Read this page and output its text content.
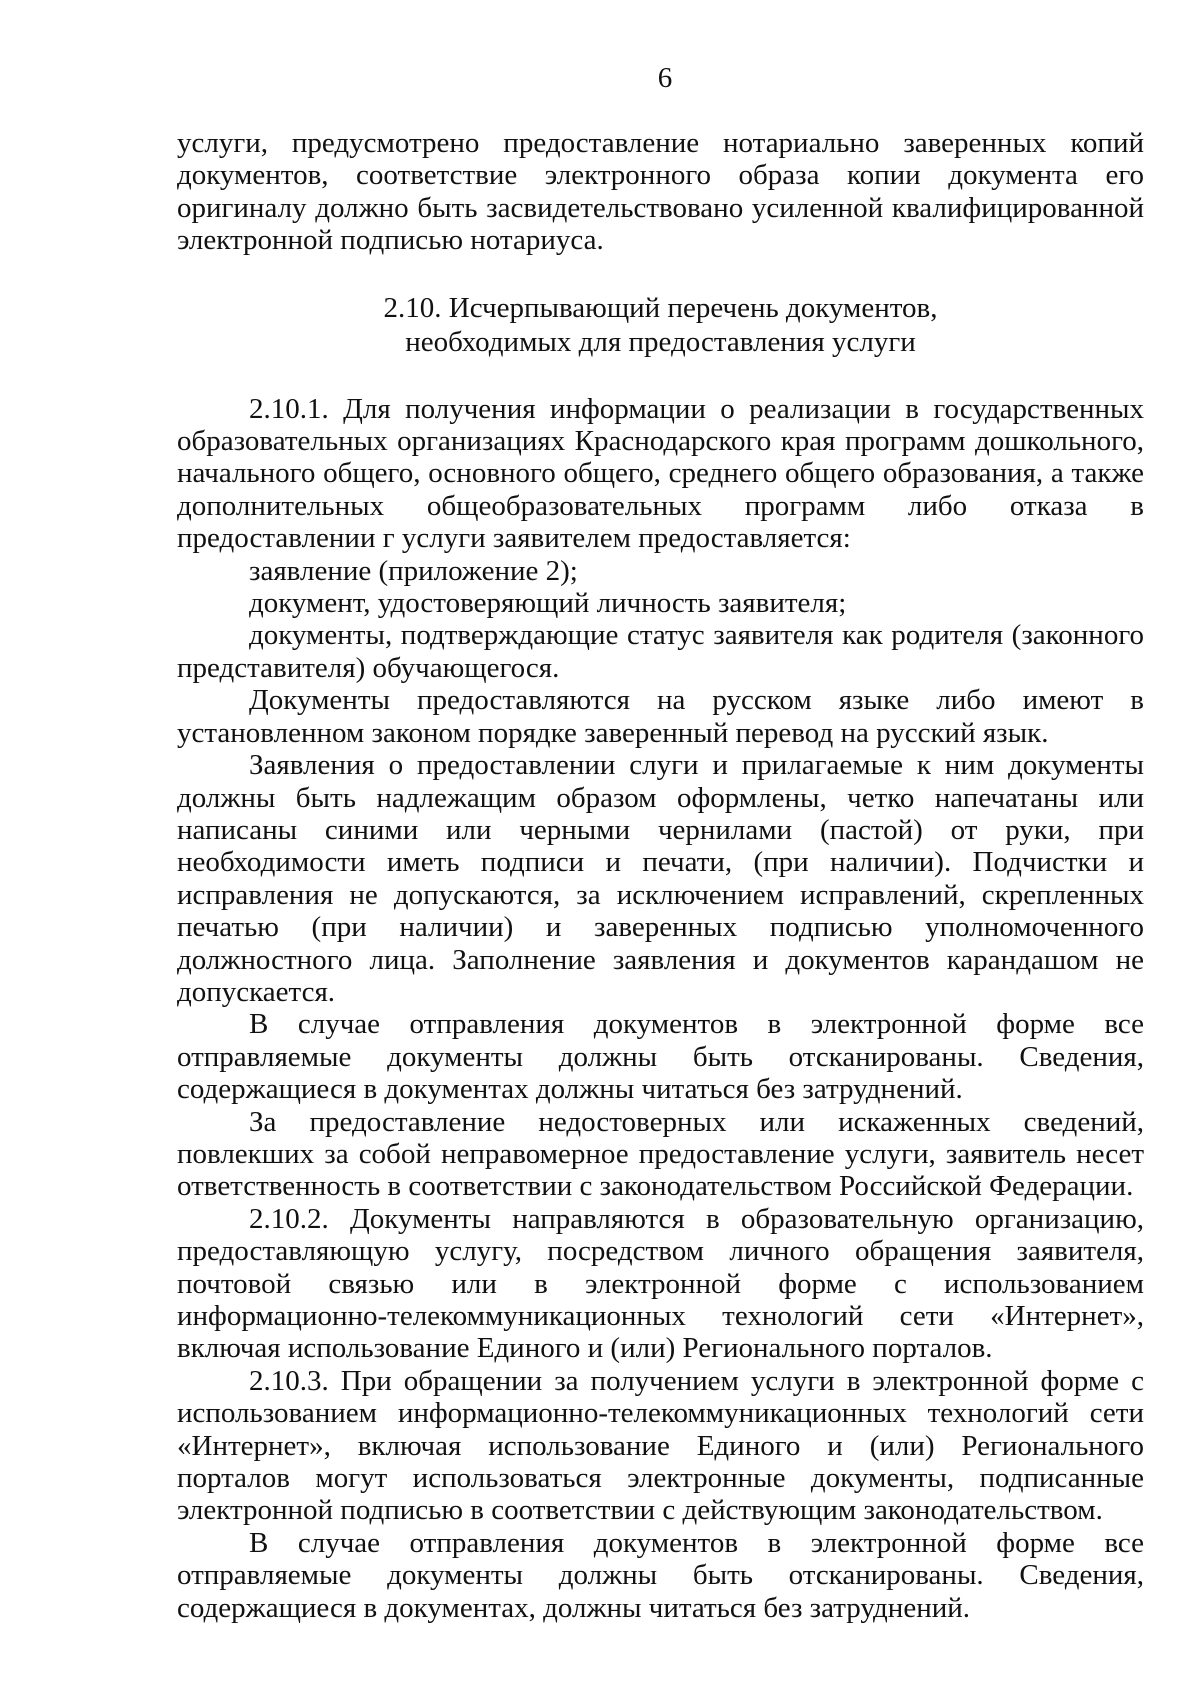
6

услуги, предусмотрено предоставление нотариально заверенных копий документов, соответствие электронного образа копии документа его оригиналу должно быть засвидетельствовано усиленной квалифицированной электронной подписью нотариуса.

2.10. Исчерпывающий перечень документов,
необходимых для предоставления услуги

2.10.1. Для получения информации о реализации в государственных образовательных организациях Краснодарского края программ дошкольного, начального общего, основного общего, среднего общего образования, а также дополнительных общеобразовательных программ либо отказа в предоставлении г услуги заявителем предоставляется:

заявление (приложение 2);

документ, удостоверяющий личность заявителя;

документы, подтверждающие статус заявителя как родителя (законного представителя) обучающегося.

Документы предоставляются на русском языке либо имеют в установленном законом порядке заверенный перевод на русский язык.

Заявления о предоставлении слуги и прилагаемые к ним документы должны быть надлежащим образом оформлены, четко напечатаны или написаны синими или черными чернилами (пастой) от руки, при необходимости иметь подписи и печати, (при наличии). Подчистки и исправления не допускаются, за исключением исправлений, скрепленных печатью (при наличии) и заверенных подписью уполномоченного должностного лица. Заполнение заявления и документов карандашом не допускается.

В случае отправления документов в электронной форме все отправляемые документы должны быть отсканированы. Сведения, содержащиеся в документах должны читаться без затруднений.

За предоставление недостоверных или искаженных сведений, повлекших за собой неправомерное предоставление услуги, заявитель несет ответственность в соответствии с законодательством Российской Федерации.

2.10.2. Документы направляются в образовательную организацию, предоставляющую услугу, посредством личного обращения заявителя, почтовой связью или в электронной форме с использованием информационно-телекоммуникационных технологий сети «Интернет», включая использование Единого и (или) Регионального порталов.

2.10.3. При обращении за получением услуги в электронной форме с использованием информационно-телекоммуникационных технологий сети «Интернет», включая использование Единого и (или) Регионального порталов могут использоваться электронные документы, подписанные электронной подписью в соответствии с действующим законодательством.

В случае отправления документов в электронной форме все отправляемые документы должны быть отсканированы. Сведения, содержащиеся в документах, должны читаться без затруднений.
